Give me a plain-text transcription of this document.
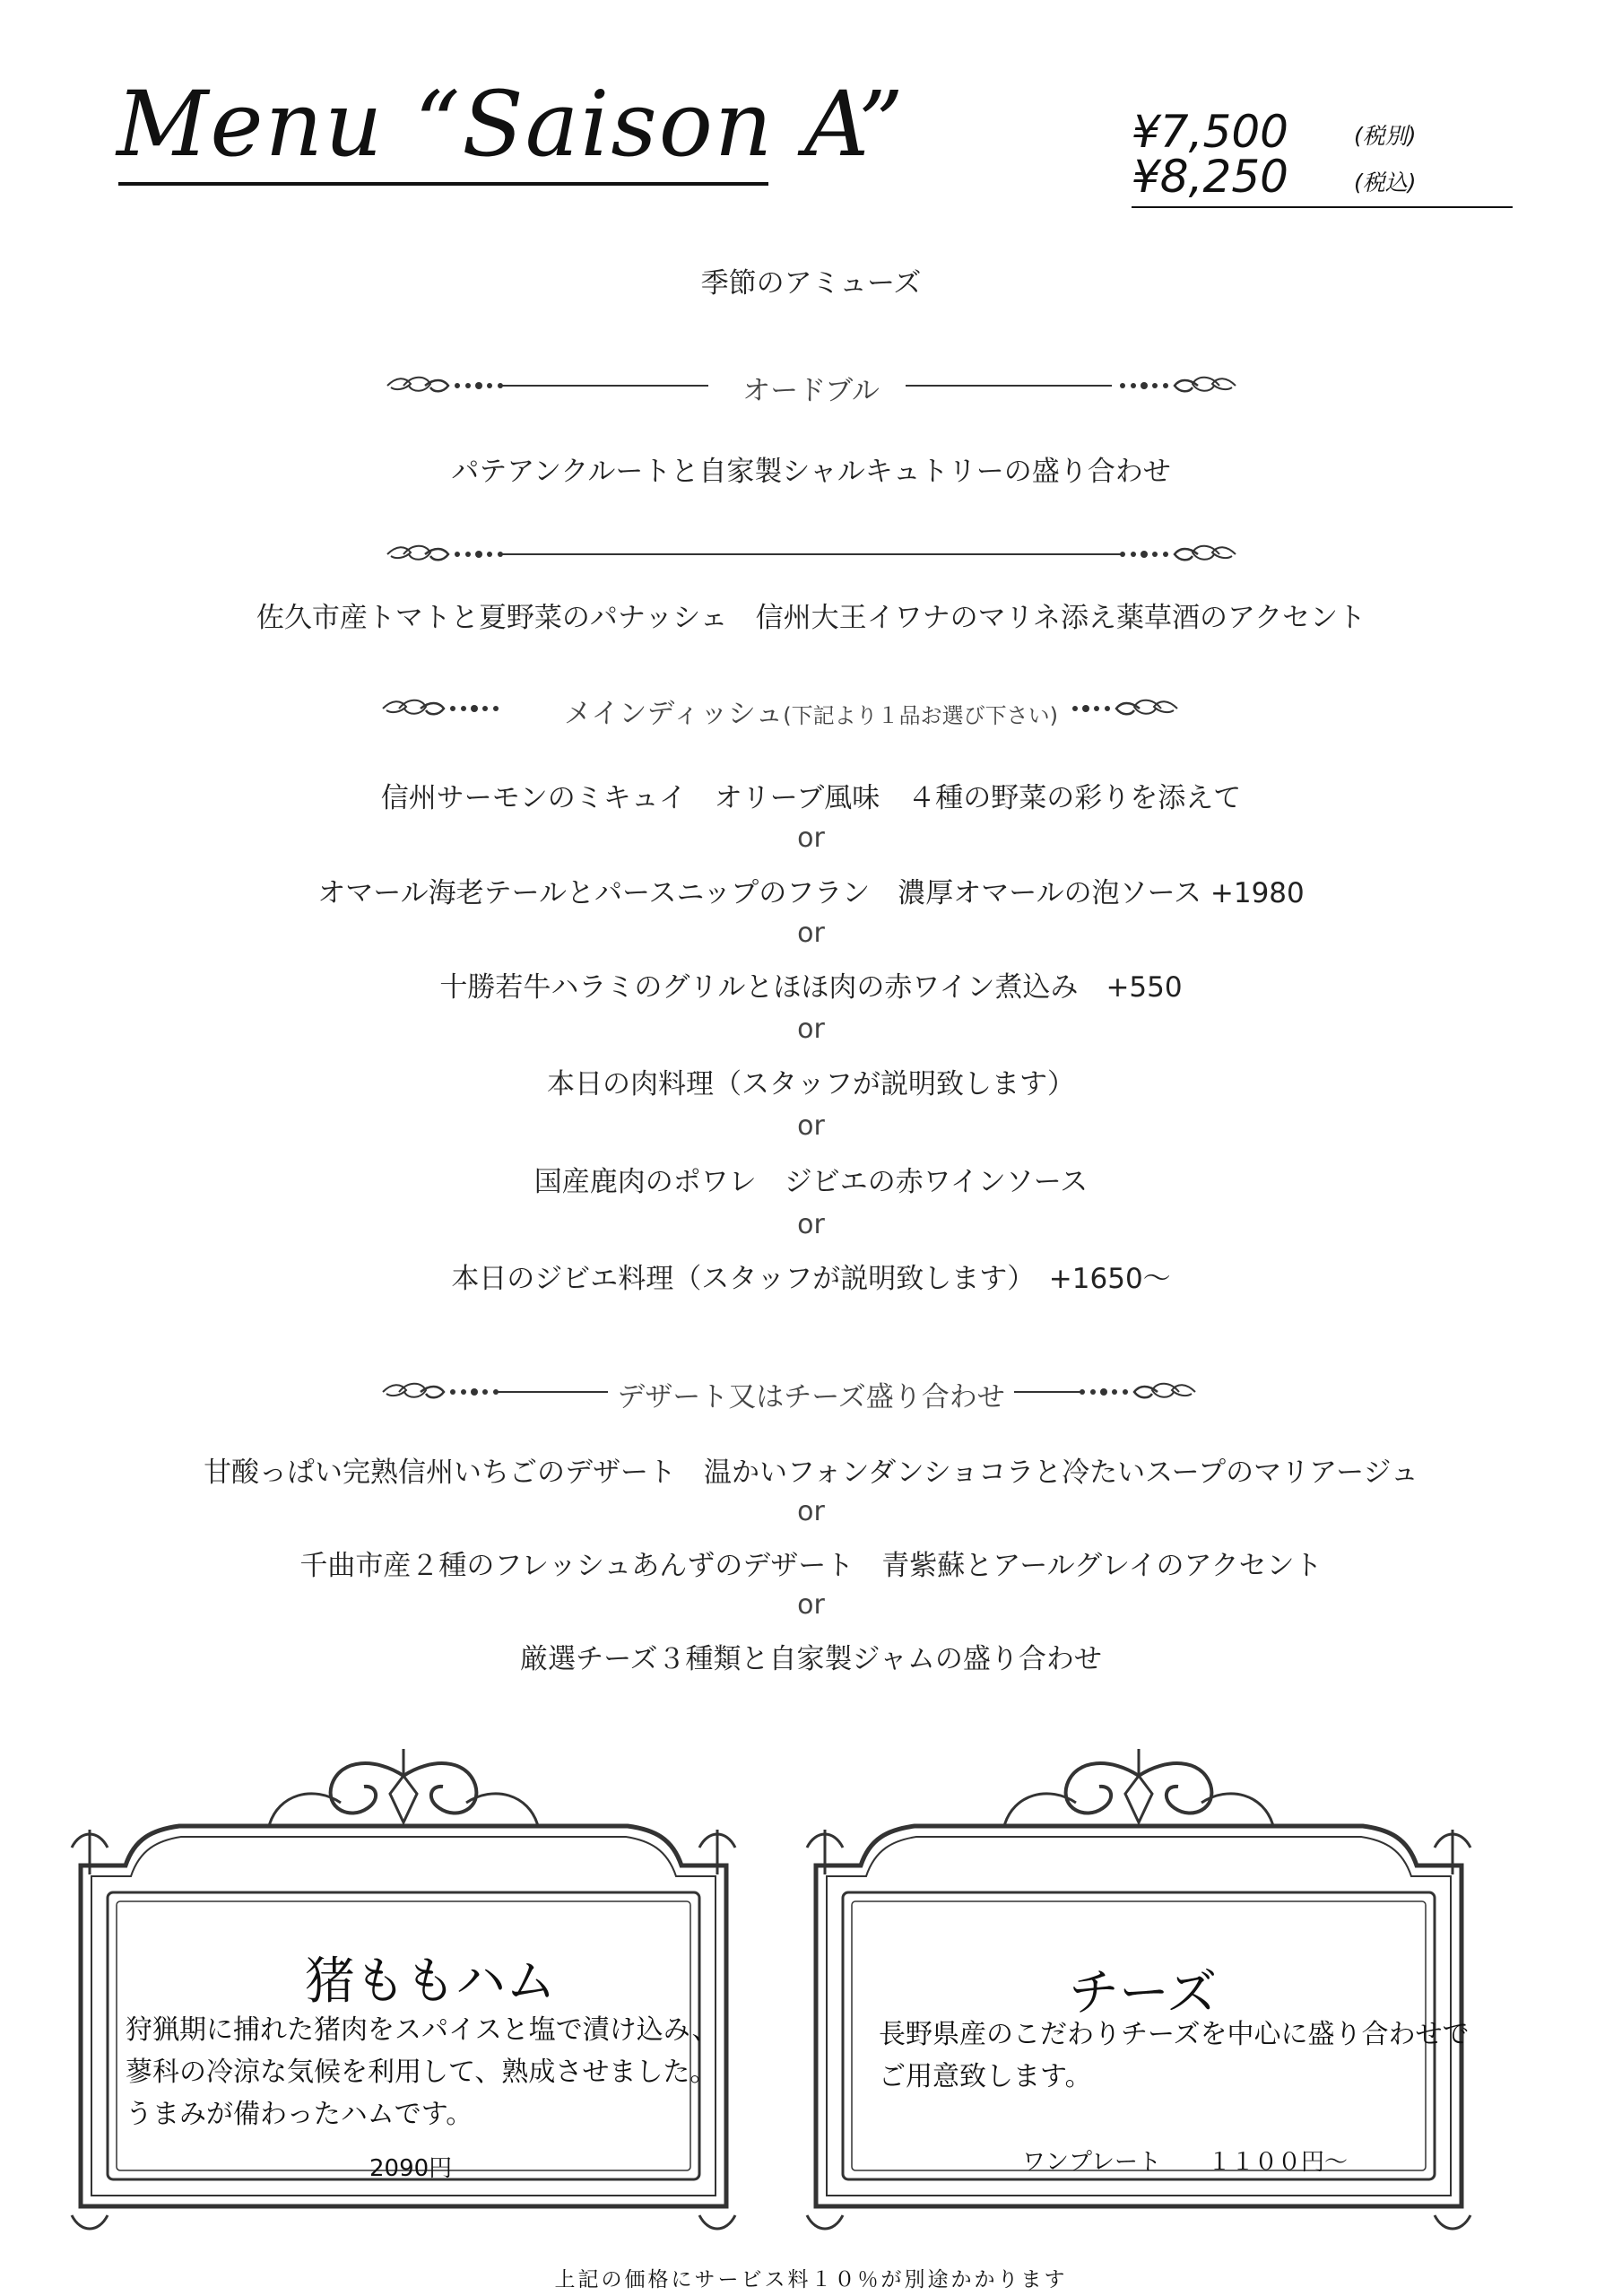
Menu “Saison A”	¥7,500	(税別)
¥8,250	(税込)
季節のアミューズ
オードブル
パテアンクルートと自家製シャルキュトリーの盛り合わせ
佐久市産トマトと夏野菜のパナッシェ　信州大王イワナのマリネ添え薬草酒のアクセント
メインディッシュ(下記より１品お選び下さい)
信州サーモンのミキュイ　オリーブ風味　４種の野菜の彩りを添えて
or
オマール海老テールとパースニップのフラン　濃厚オマールの泡ソース +1980
or
十勝若牛ハラミのグリルとほほ肉の赤ワイン煮込み　+550
or
本日の肉料理（スタッフが説明致します）
or
国産鹿肉のポワレ　ジビエの赤ワインソース
or
本日のジビエ料理（スタッフが説明致します）　+1650～
デザート又はチーズ盛り合わせ
甘酸っぱい完熟信州いちごのデザート　温かいフォンダンショコラと冷たいスープのマリアージュ
or
千曲市産２種のフレッシュあんずのデザート　青紫蘇とアールグレイのアクセント
or
厳選チーズ３種類と自家製ジャムの盛り合わせ
猪ももハム
狩猟期に捕れた猪肉をスパイスと塩で漬け込み、
蓼科の冷涼な気候を利用して、熟成させました。
うまみが備わったハムです。
2090円
チーズ
長野県産のこだわりチーズを中心に盛り合わせで
ご用意致します。
ワンプレート　　１１００円～
上記の価格にサービス料１０％が別途かかります
